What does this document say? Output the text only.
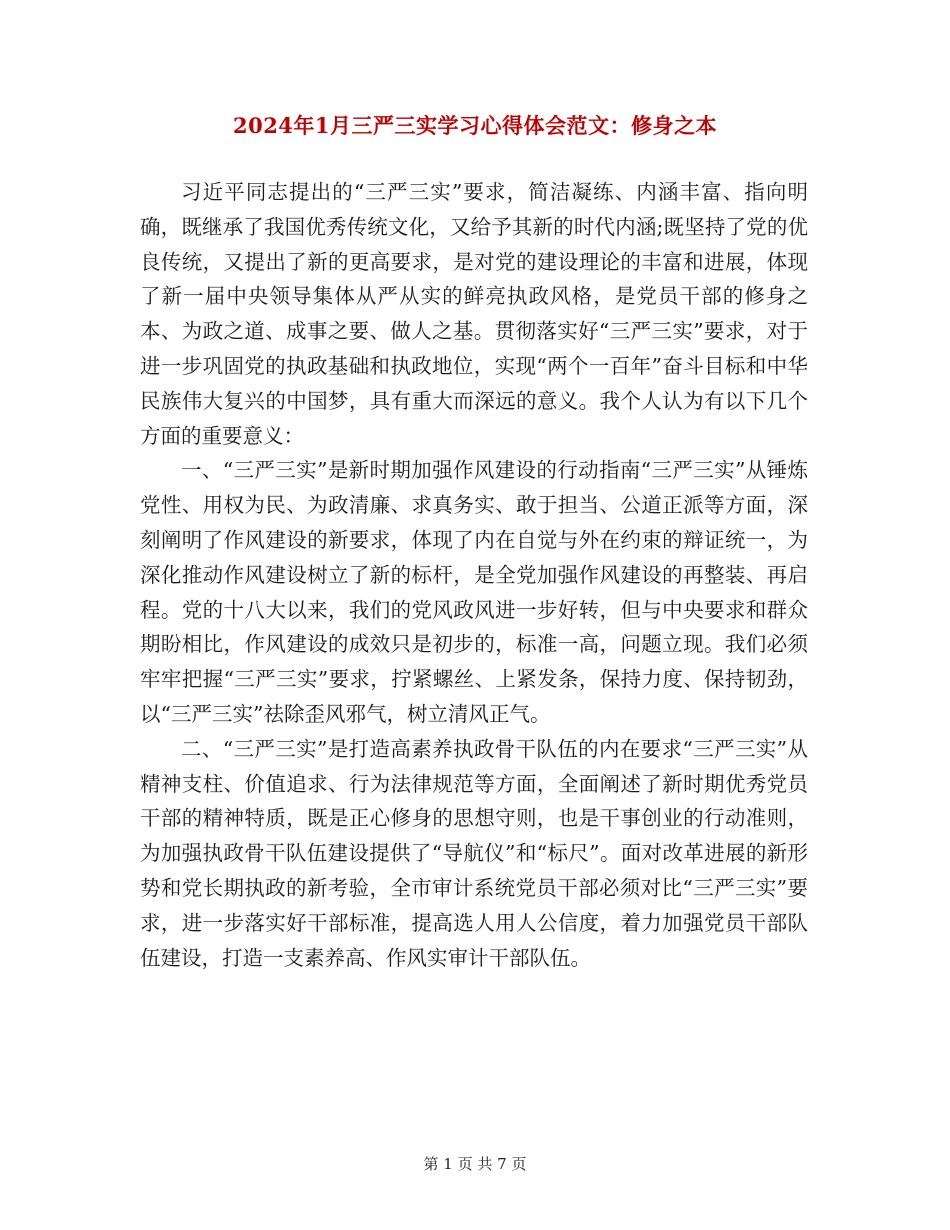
2024年1月三严三实学习心得体会范文：修身之本

习近平同志提出的“三严三实”要求，简洁凝练、内涵丰富、指向明确，既继承了我国优秀传统文化，又给予其新的时代内涵;既坚持了党的优良传统，又提出了新的更高要求，是对党的建设理论的丰富和进展，体现了新一届中央领导集体从严从实的鲜亮执政风格，是党员干部的修身之本、为政之道、成事之要、做人之基。贯彻落实好“三严三实”要求，对于进一步巩固党的执政基础和执政地位，实现“两个一百年”奋斗目标和中华民族伟大复兴的中国梦，具有重大而深远的意义。我个人认为有以下几个方面的重要意义：

一、“三严三实”是新时期加强作风建设的行动指南“三严三实”从锤炼党性、用权为民、为政清廉、求真务实、敢于担当、公道正派等方面，深刻阐明了作风建设的新要求，体现了内在自觉与外在约束的辩证统一，为深化推动作风建设树立了新的标杆，是全党加强作风建设的再整装、再启程。党的十八大以来，我们的党风政风进一步好转，但与中央要求和群众期盼相比，作风建设的成效只是初步的，标准一高，问题立现。我们必须牢牢把握“三严三实”要求，拧紧螺丝、上紧发条，保持力度、保持韧劲，以“三严三实”祛除歪风邪气，树立清风正气。

二、“三严三实”是打造高素养执政骨干队伍的内在要求“三严三实”从精神支柱、价值追求、行为法律规范等方面，全面阐述了新时期优秀党员干部的精神特质，既是正心修身的思想守则，也是干事创业的行动准则，为加强执政骨干队伍建设提供了“导航仪”和“标尺”。面对改革进展的新形势和党长期执政的新考验，全市审计系统党员干部必须对比“三严三实”要求，进一步落实好干部标准，提高选人用人公信度，着力加强党员干部队伍建设，打造一支素养高、作风实审计干部队伍。

第 1 页 共 7 页
